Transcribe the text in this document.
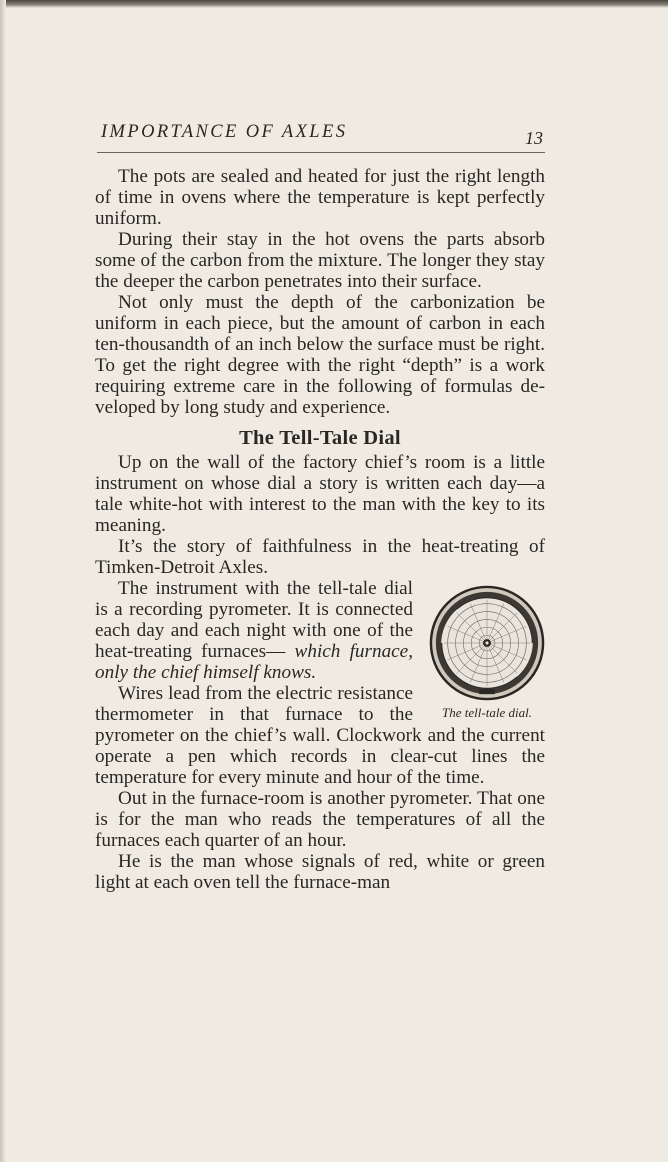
IMPORTANCE OF AXLES	13

The pots are sealed and heated for just the right length of time in ovens where the temperature is kept perfectly uniform.

During their stay in the hot ovens the parts absorb some of the carbon from the mixture. The longer they stay the deeper the carbon penetrates into their surface.

Not only must the depth of the carbonization be uniform in each piece, but the amount of carbon in each ten-thousandth of an inch below the surface must be right. To get the right degree with the right “depth” is a work requiring extreme care in the following of formulas developed by long study and experience.

The Tell-Tale Dial

Up on the wall of the factory chief’s room is a little instrument on whose dial a story is written each day—a tale white-hot with interest to the man with the key to its meaning.

It’s the story of faithfulness in the heat-treating of Timken-Detroit Axles.

The tell-tale dial.

The instrument with the tell-tale dial is a recording pyrometer. It is connected each day and each night with one of the heat-treating furnaces— which furnace, only the chief himself knows.

Wires lead from the electric resistance thermometer in that furnace to the pyrometer on the chief’s wall. Clockwork and the current operate a pen which records in clear-cut lines the temperature for every minute and hour of the time.

Out in the furnace-room is another pyrometer. That one is for the man who reads the temperatures of all the furnaces each quarter of an hour.

He is the man whose signals of red, white or green light at each oven tell the furnace-man
